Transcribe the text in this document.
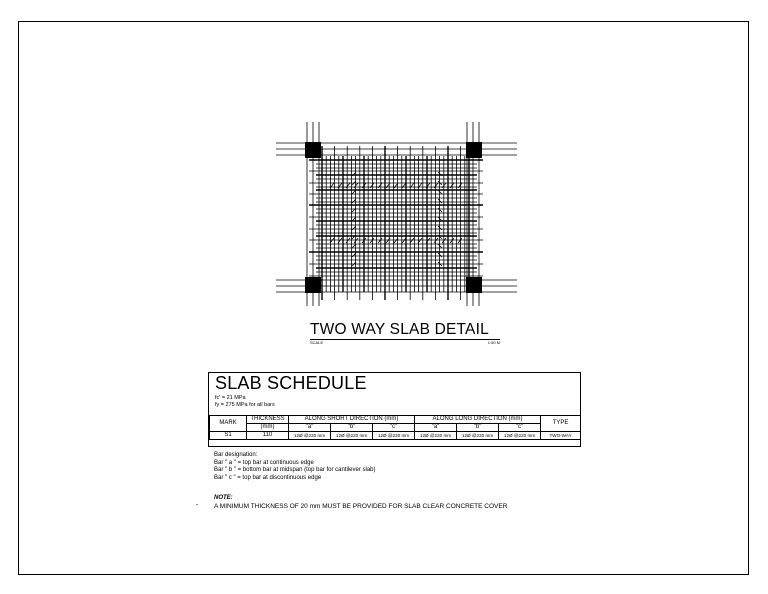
TWO WAY SLAB DETAIL
SCALE	1:50 M
SLAB SCHEDULE
fc' = 21 MPa
fy = 275 MPa for all bars
MARK	THICKNESS	ALONG SHORT DIRECTION (mm)			ALONG LONG DIRECTION (mm)			TYPE
	(mm)	"a"	"b"	"c"	"a"	"b"	"c"	
S1	110	12Ø @220 mm	12Ø @220 mm	12Ø @220 mm	12Ø @220 mm	12Ø @220 mm	12Ø @220 mm	TWO-WAY
Bar designation:
Bar " a " = top bar at continuous edge
Bar " b " = bottom bar at midspan (top bar for cantilever slab)
Bar " c " = top bar at discontinuous edge
NOTE:
A MINIMUM THICKNESS OF 20 mm MUST BE PROVIDED FOR SLAB CLEAR CONCRETE COVER
